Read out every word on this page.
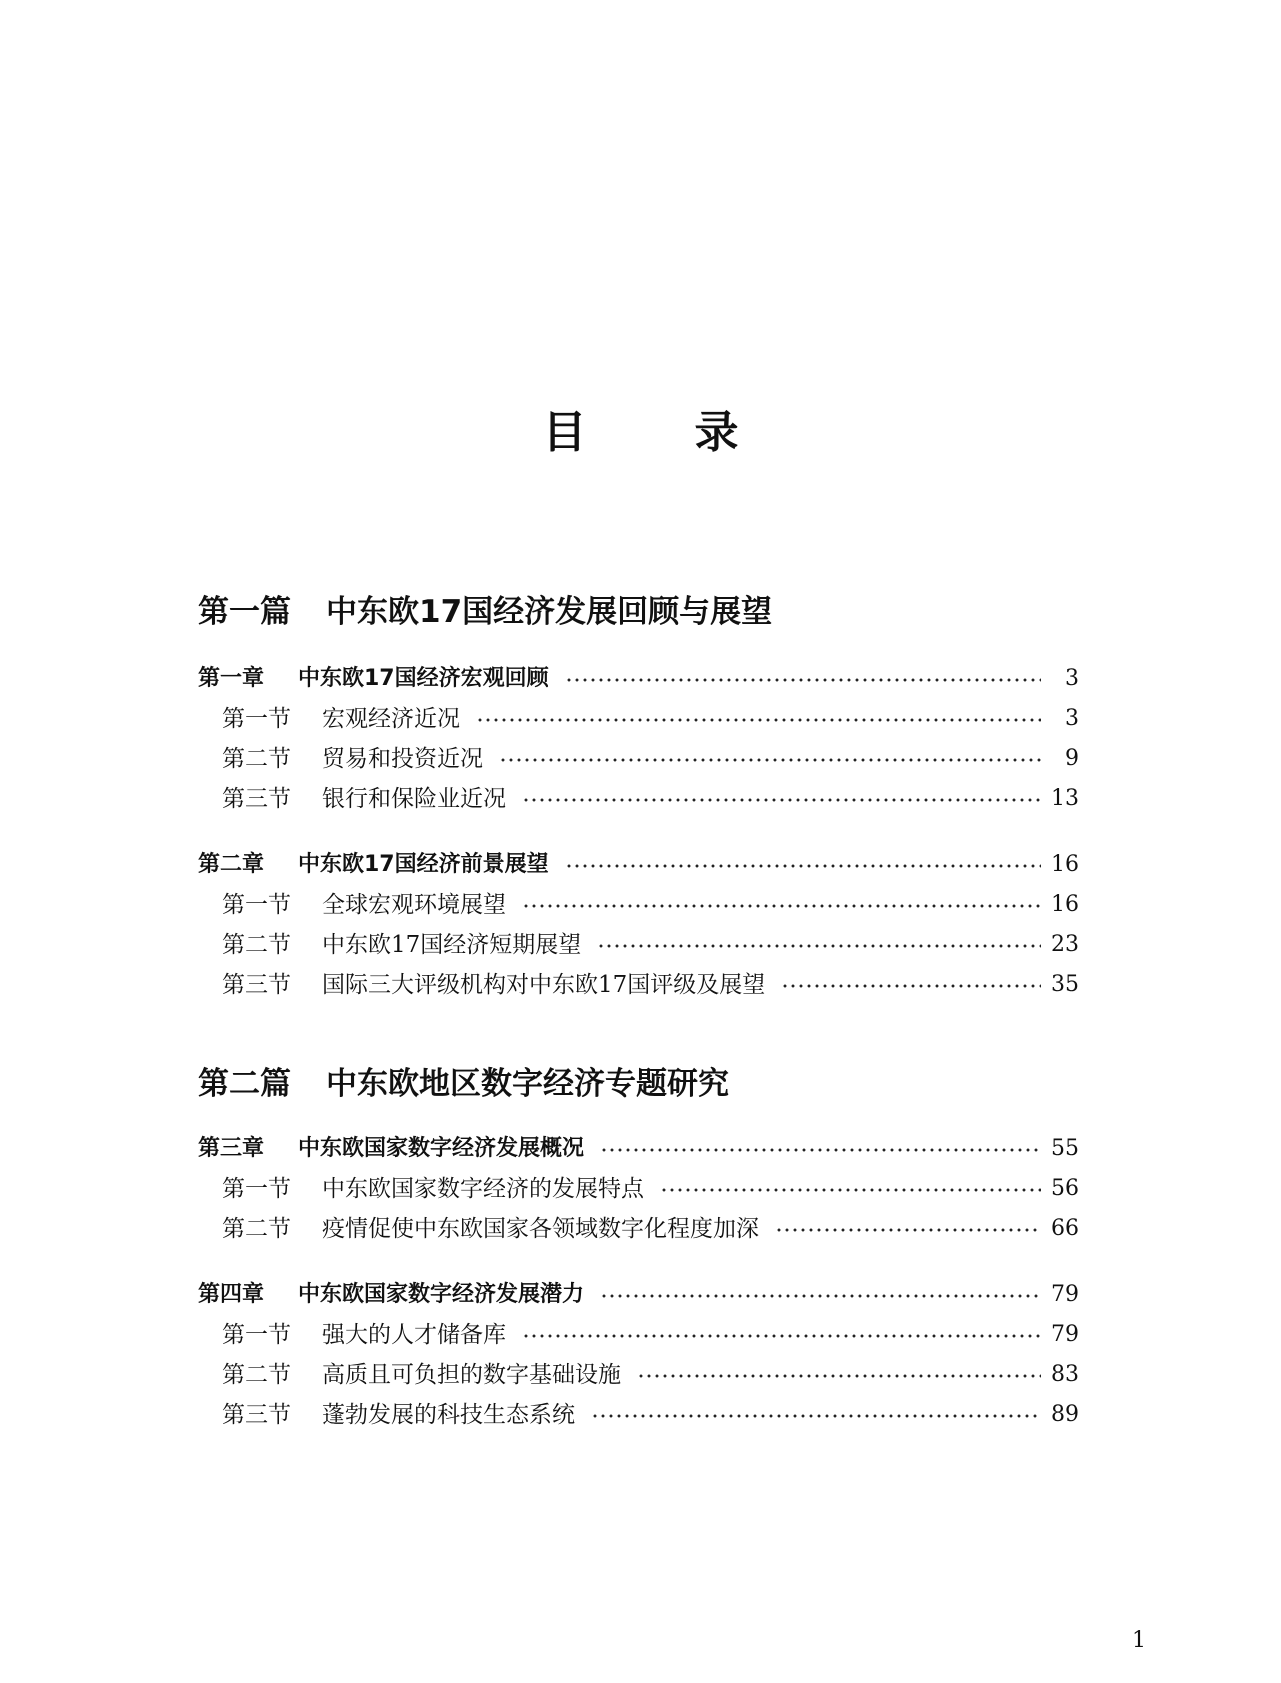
目 录
第一篇 中东欧17国经济发展回顾与展望
第一章	中东欧17国经济宏观回顾	3
第一节	宏观经济近况	3
第二节	贸易和投资近况	9
第三节	银行和保险业近况	13
第二章	中东欧17国经济前景展望	16
第一节	全球宏观环境展望	16
第二节	中东欧17国经济短期展望	23
第三节	国际三大评级机构对中东欧17国评级及展望	35
第二篇 中东欧地区数字经济专题研究
第三章	中东欧国家数字经济发展概况	55
第一节	中东欧国家数字经济的发展特点	56
第二节	疫情促使中东欧国家各领域数字化程度加深	66
第四章	中东欧国家数字经济发展潜力	79
第一节	强大的人才储备库	79
第二节	高质且可负担的数字基础设施	83
第三节	蓬勃发展的科技生态系统	89
1
